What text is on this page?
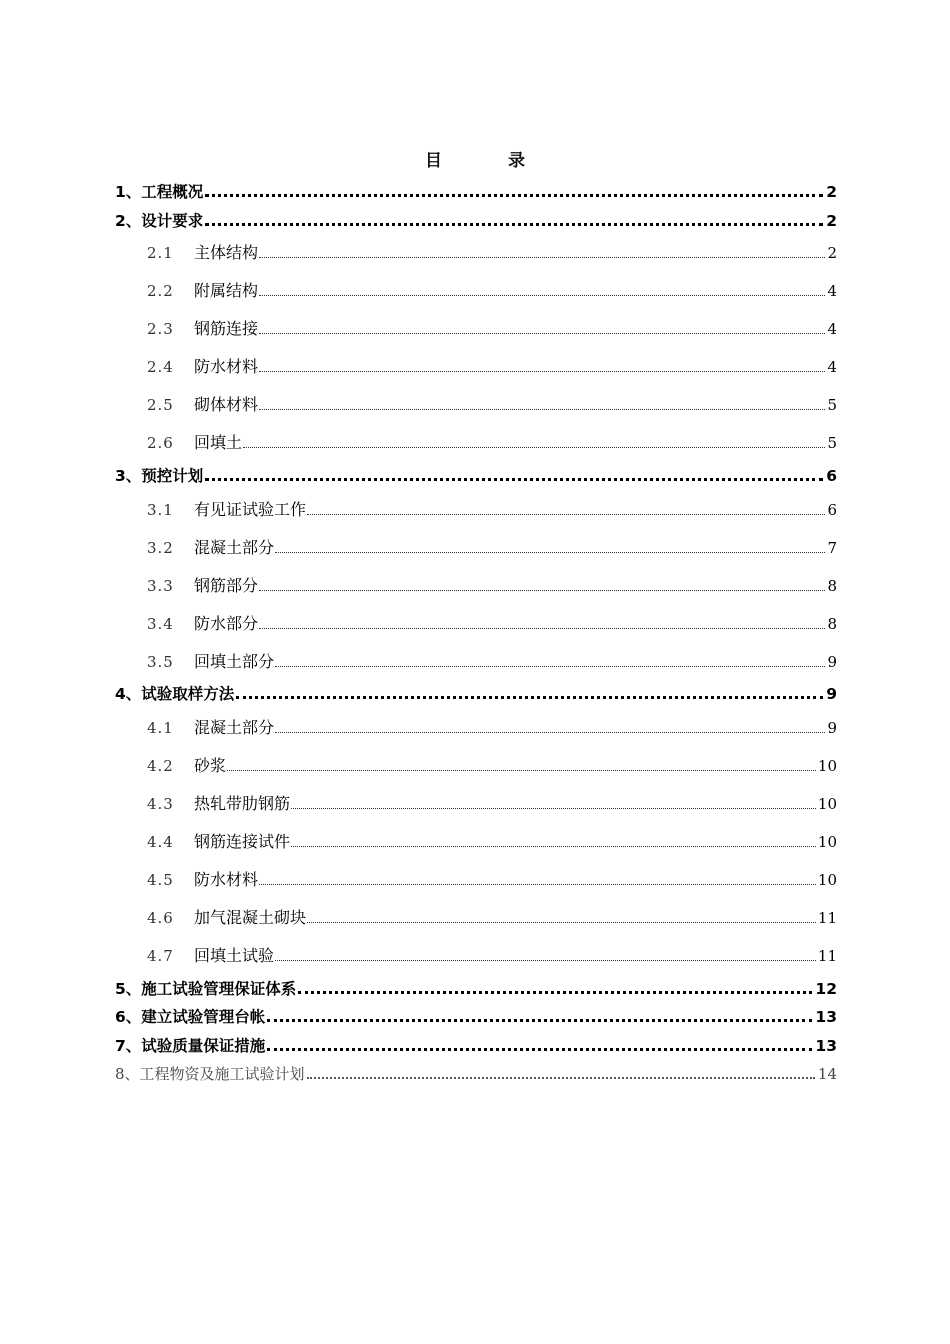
目 录
1、工程概况	2
2、设计要求	2
2.1	主体结构	2
2.2	附属结构	4
2.3	钢筋连接	4
2.4	防水材料	4
2.5	砌体材料	5
2.6	回填土	5
3、预控计划	6
3.1	有见证试验工作	6
3.2	混凝土部分	7
3.3	钢筋部分	8
3.4	防水部分	8
3.5	回填土部分	9
4、试验取样方法	9
4.1	混凝土部分	9
4.2	砂浆	10
4.3	热轧带肋钢筋	10
4.4	钢筋连接试件	10
4.5	防水材料	10
4.6	加气混凝土砌块	11
4.7	回填土试验	11
5、施工试验管理保证体系	12
6、建立试验管理台帐	13
7、试验质量保证措施	13
8、工程物资及施工试验计划	14
